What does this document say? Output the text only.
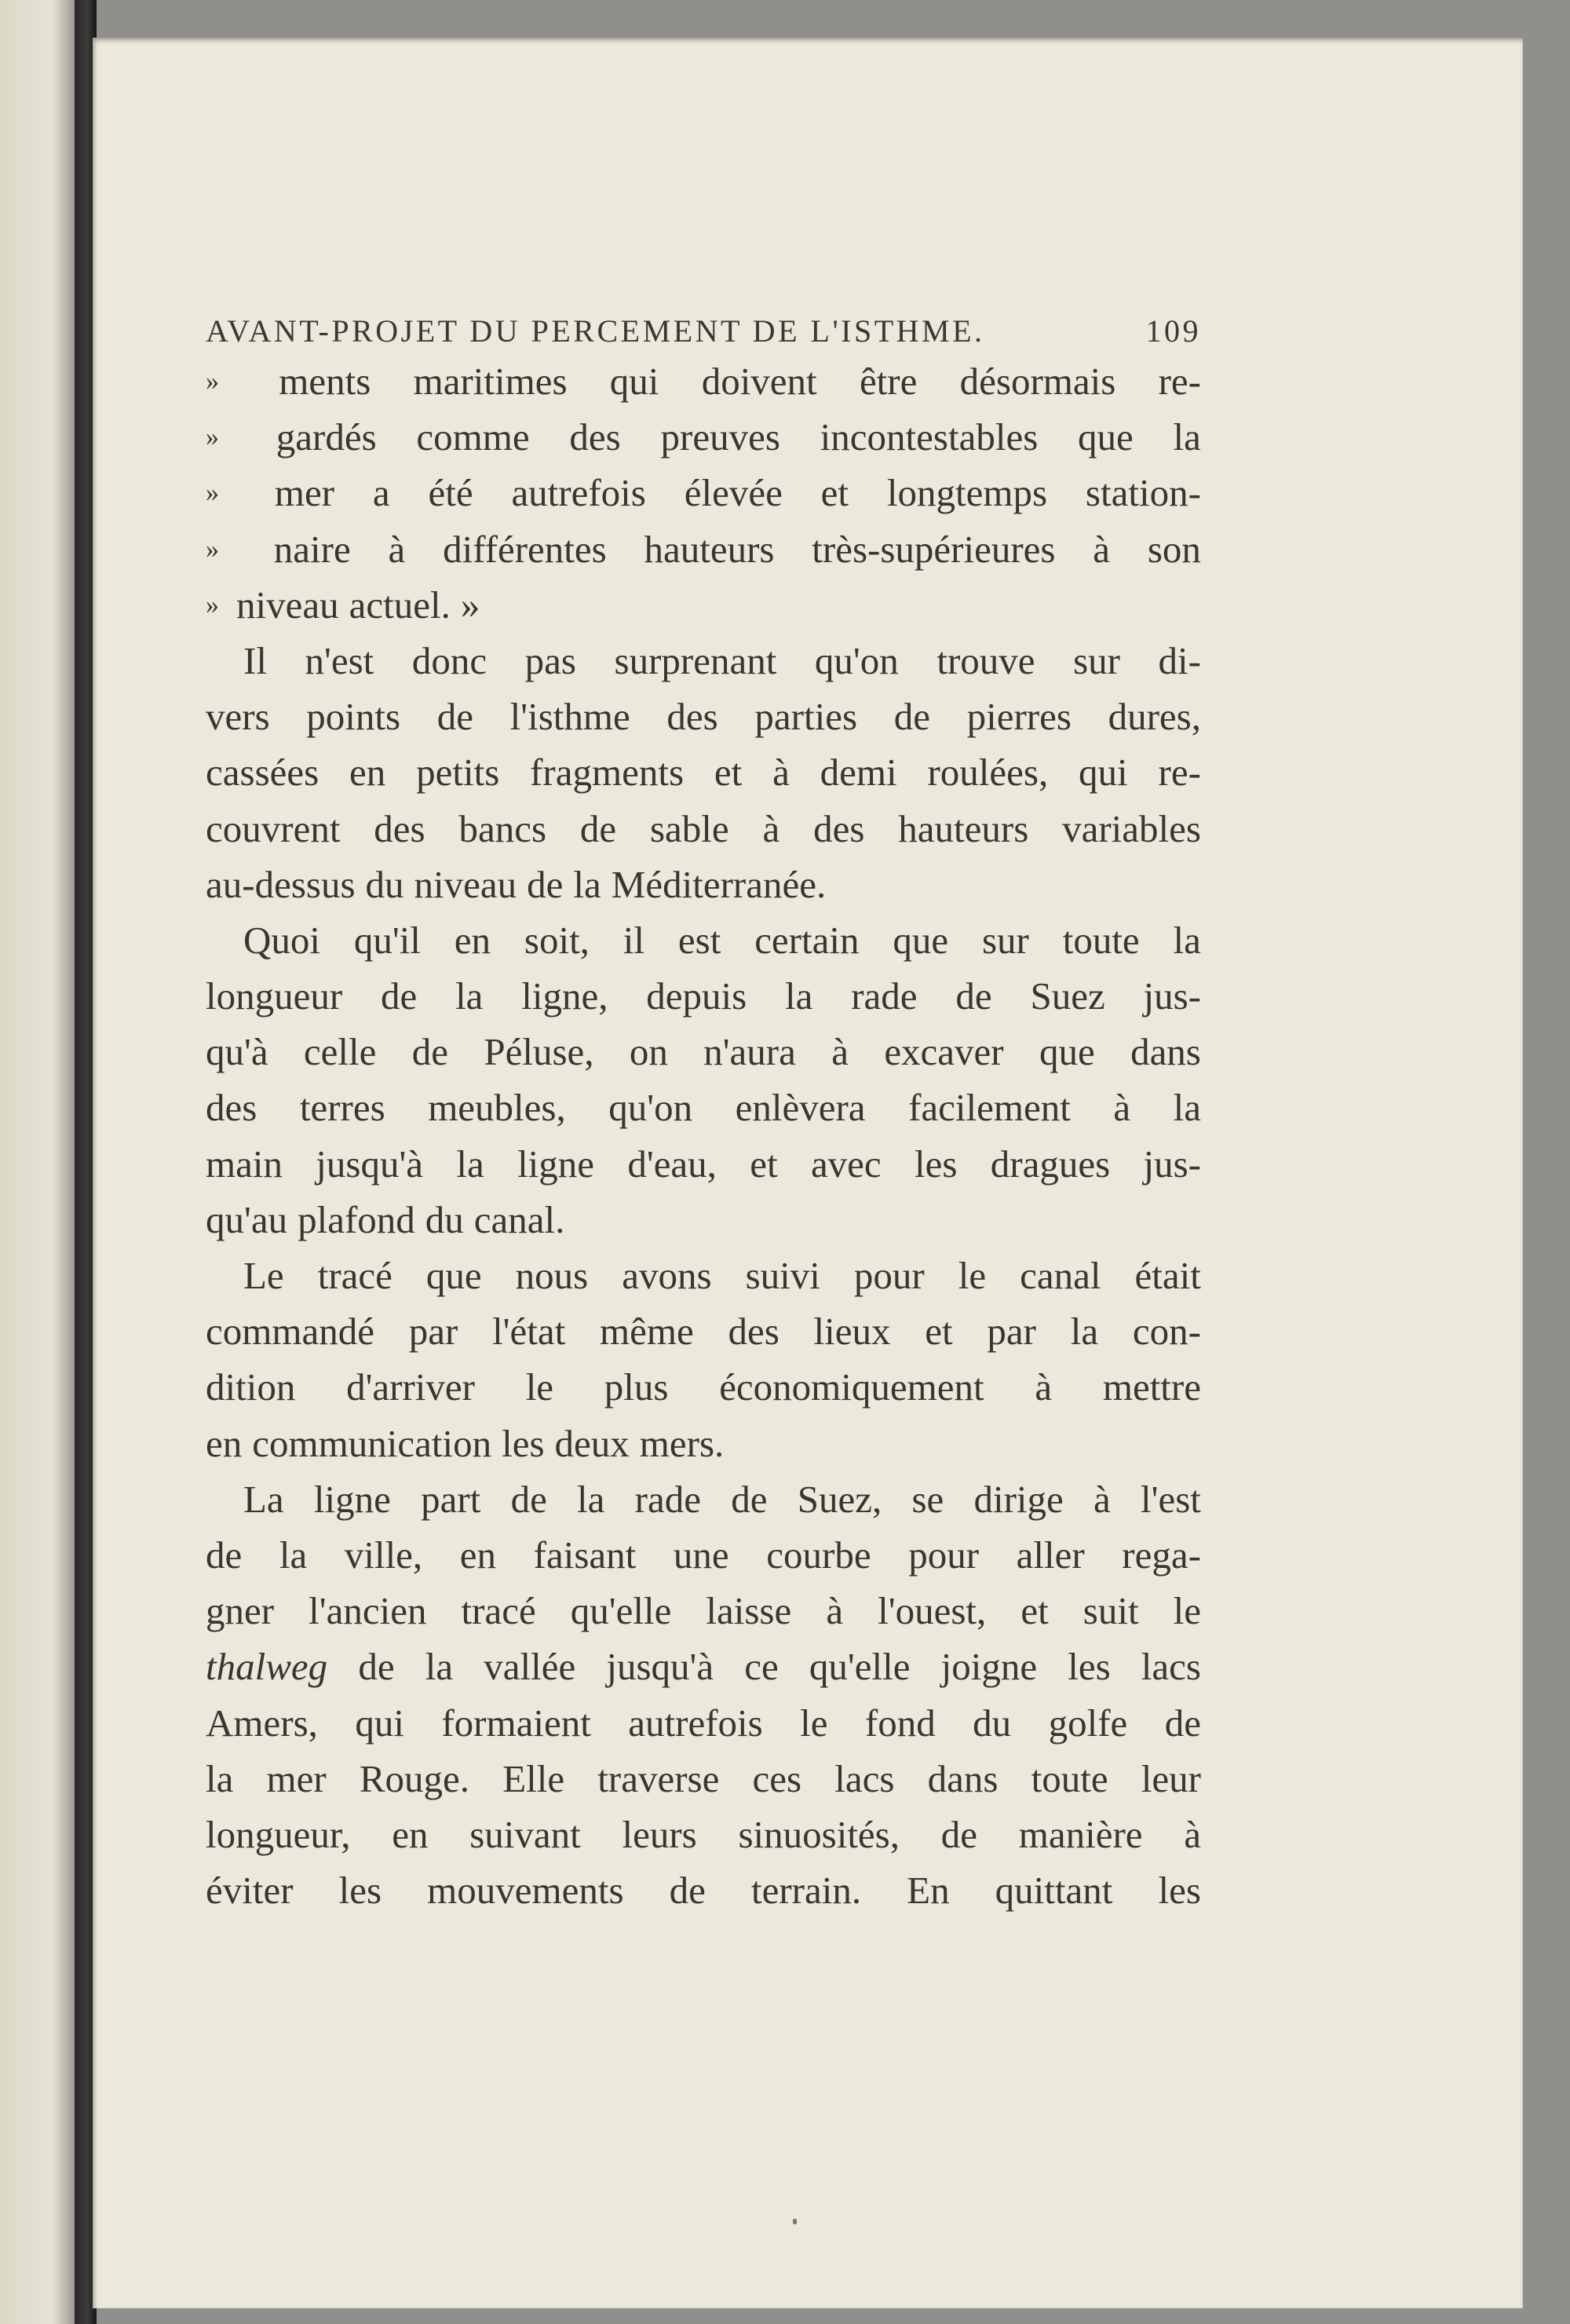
AVANT-PROJET DU PERCEMENT DE L'ISTHME.	109
» ments maritimes qui doivent être désormais re-
» gardés comme des preuves incontestables que la
» mer a été autrefois élevée et longtemps station-
» naire à différentes hauteurs très-supérieures à son
» niveau actuel. »
Il n'est donc pas surprenant qu'on trouve sur di-
vers points de l'isthme des parties de pierres dures,
cassées en petits fragments et à demi roulées, qui re-
couvrent des bancs de sable à des hauteurs variables
au-dessus du niveau de la Méditerranée.
Quoi qu'il en soit, il est certain que sur toute la
longueur de la ligne, depuis la rade de Suez jus-
qu'à celle de Péluse, on n'aura à excaver que dans
des terres meubles, qu'on enlèvera facilement à la
main jusqu'à la ligne d'eau, et avec les dragues jus-
qu'au plafond du canal.
Le tracé que nous avons suivi pour le canal était
commandé par l'état même des lieux et par la con-
dition d'arriver le plus économiquement à mettre
en communication les deux mers.
La ligne part de la rade de Suez, se dirige à l'est
de la ville, en faisant une courbe pour aller rega-
gner l'ancien tracé qu'elle laisse à l'ouest, et suit le
thalweg de la vallée jusqu'à ce qu'elle joigne les lacs
Amers, qui formaient autrefois le fond du golfe de
la mer Rouge. Elle traverse ces lacs dans toute leur
longueur, en suivant leurs sinuosités, de manière à
éviter les mouvements de terrain. En quittant les
